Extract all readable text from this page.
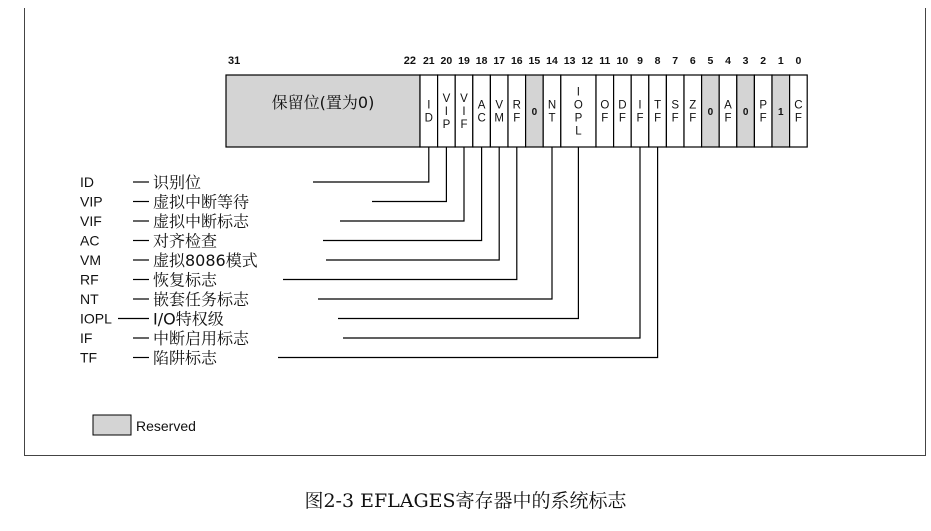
保留位(置为0)
31	22 21
I
D
20
V
I
P
19
V
I
F
18
A
C
17
V
M
16
R
F
15
0
14
N
T
13 12
I
O
P
L
11
O
F
10
D
F
9
I
F
8
T
F
7
S
F
6
Z
F
5
0
4
A
F
3
0
2
P
F
1
1
0
C
F
ID	识别位
VIP	虚拟中断等待
VIF	虚拟中断标志
AC	对齐检查
VM	虚拟8086模式
RF	恢复标志
NT	嵌套任务标志
IOPL	I/O特权级
IF	中断启用标志
TF	陷阱标志
Reserved
图2-3 EFLAGES寄存器中的系统标志
